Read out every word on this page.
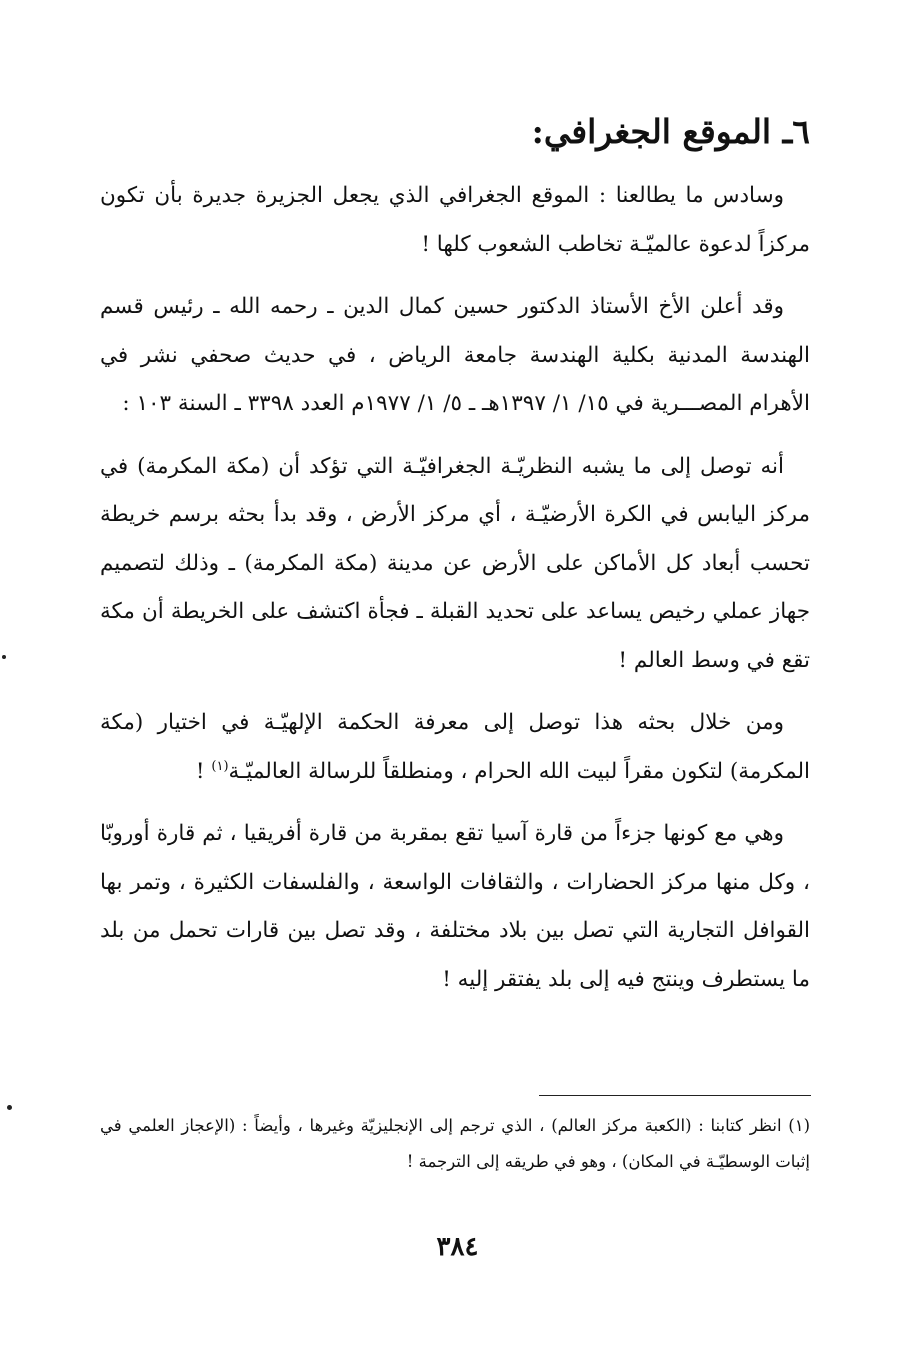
٦ـ الموقع الجغرافي:

وسادس ما يطالعنا : الموقع الجغرافي الذي يجعل الجزيرة جديرة بأن تكون مركزاً لدعوة عالميّـة تخاطب الشعوب كلها !

وقد أعلن الأخ الأستاذ الدكتور حسين كمال الدين ـ رحمه الله ـ رئيس قسم الهندسة المدنية بكلية الهندسة جامعة الرياض ، في حديث صحفي نشر في الأهرام المصـــرية في ١٥/ ١/ ١٣٩٧هـ ـ ٥/ ١/ ١٩٧٧م العدد ٣٣٩٨ ـ السنة ١٠٣ :

أنه توصل إلى ما يشبه النظريّـة الجغرافيّـة التي تؤكد أن (مكة المكرمة) في مركز اليابس في الكرة الأرضيّـة ، أي مركز الأرض ، وقد بدأ بحثه برسم خريطة تحسب أبعاد كل الأماكن على الأرض عن مدينة (مكة المكرمة) ـ وذلك لتصميم جهاز عملي رخيص يساعد على تحديد القبلة ـ فجأة اكتشف على الخريطة أن مكة تقع في وسط العالم !

ومن خلال بحثه هذا توصل إلى معرفة الحكمة الإلهيّـة في اختيار (مكة المكرمة) لتكون مقراً لبيت الله الحرام ، ومنطلقاً للرسالة العالميّـة$^{(١)}$ !

وهي مع كونها جزءاً من قارة آسيا تقع بمقربة من قارة أفريقيا ، ثم قارة أوروبّا ، وكل منها مركز الحضارات ، والثقافات الواسعة ، والفلسفات الكثيرة ، وتمر بها القوافل التجارية التي تصل بين بلاد مختلفة ، وقد تصل بين قارات تحمل من بلد ما يستطرف وينتج فيه إلى بلد يفتقر إليه !

(١) انظر كتابنا : (الكعبة مركز العالم) ، الذي ترجم إلى الإنجليزيّة وغيرها ، وأيضاً : (الإعجاز العلمي في إثبات الوسطيّـة في المكان) ، وهو في طريقه إلى الترجمة !
٣٨٤
